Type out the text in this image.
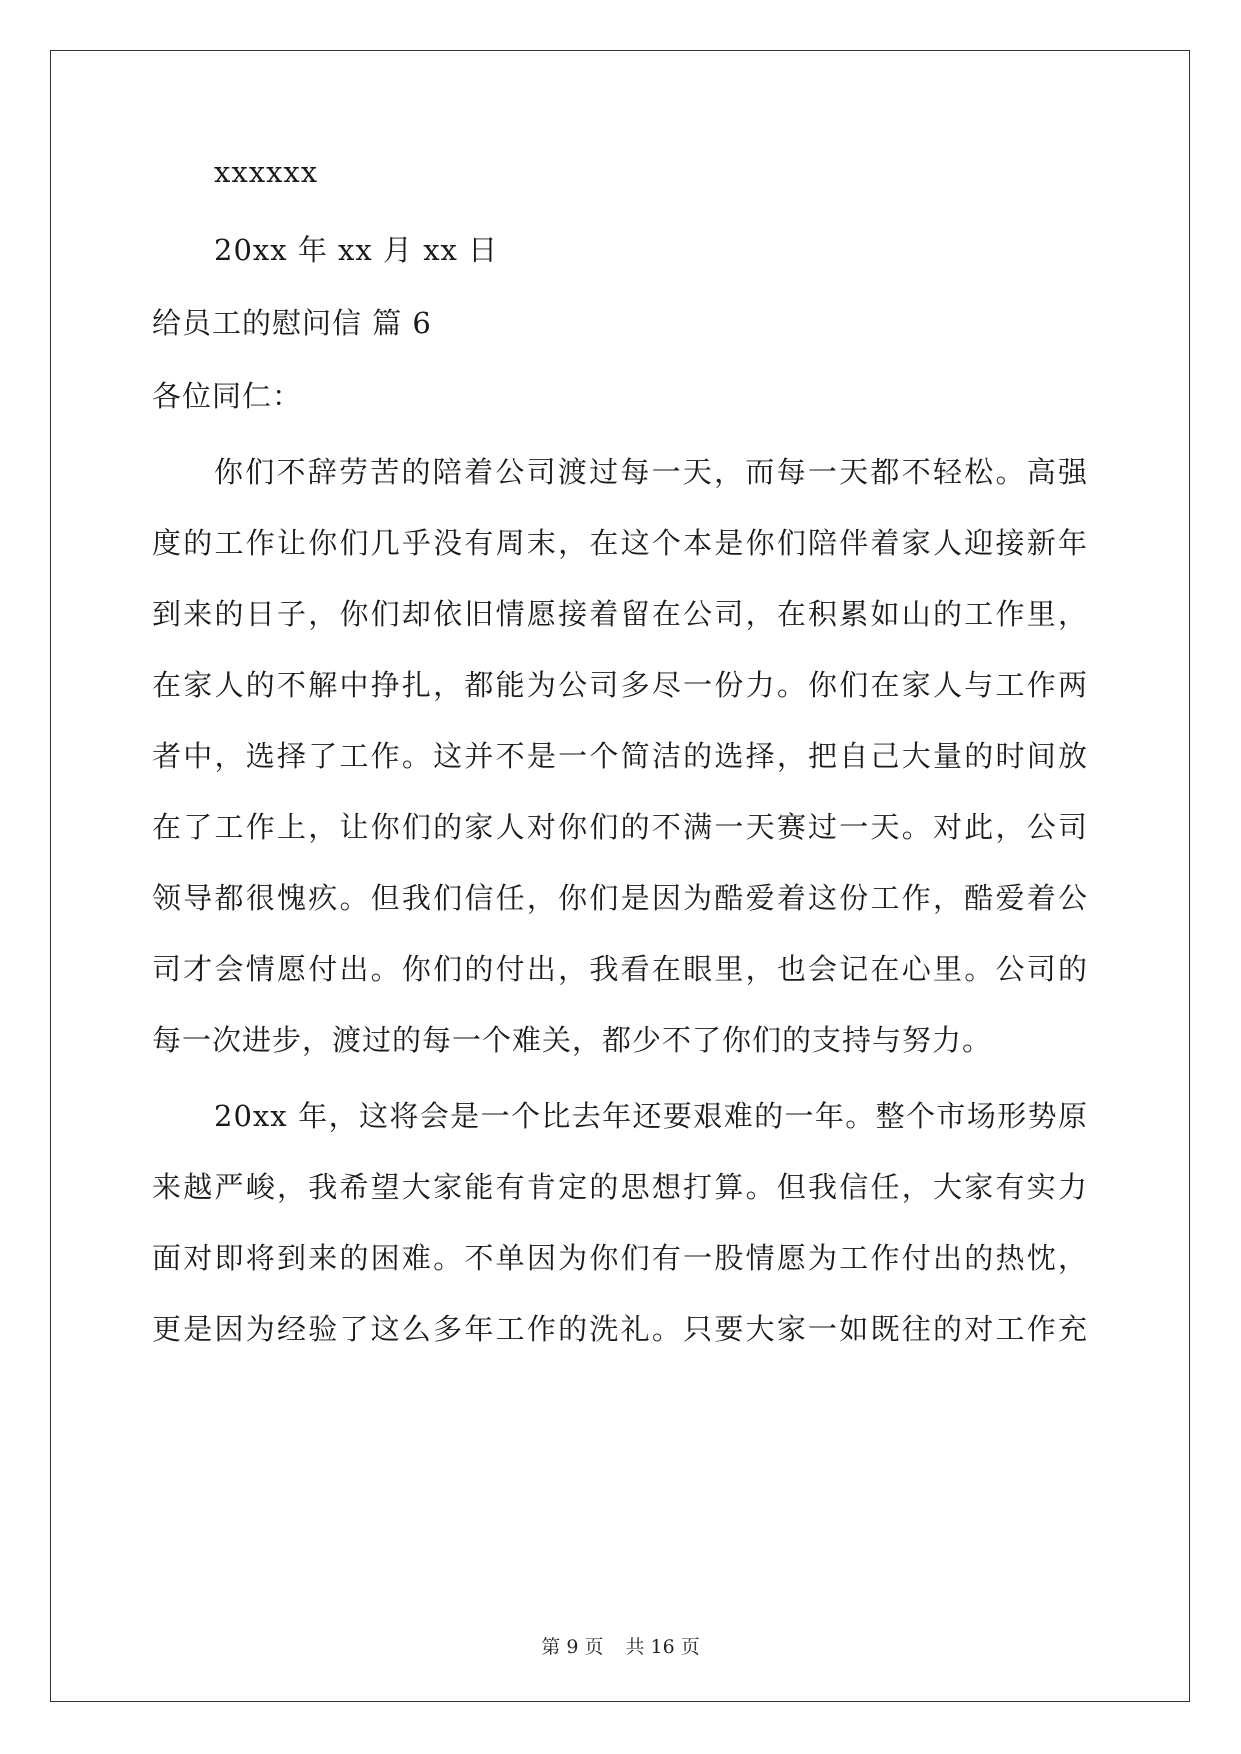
xxxxxx
20xx 年 xx 月 xx 日
给员工的慰问信 篇 6
各位同仁：
你们不辞劳苦的陪着公司渡过每一天，而每一天都不轻松。高强
度的工作让你们几乎没有周末，在这个本是你们陪伴着家人迎接新年
到来的日子，你们却依旧情愿接着留在公司，在积累如山的工作里，
在家人的不解中挣扎，都能为公司多尽一份力。你们在家人与工作两
者中，选择了工作。这并不是一个简洁的选择，把自己大量的时间放
在了工作上，让你们的家人对你们的不满一天赛过一天。对此，公司
领导都很愧疚。但我们信任，你们是因为酷爱着这份工作，酷爱着公
司才会情愿付出。你们的付出，我看在眼里，也会记在心里。公司的
每一次进步，渡过的每一个难关，都少不了你们的支持与努力。
20xx 年，这将会是一个比去年还要艰难的一年。整个市场形势原
来越严峻，我希望大家能有肯定的思想打算。但我信任，大家有实力
面对即将到来的困难。不单因为你们有一股情愿为工作付出的热忱，
更是因为经验了这么多年工作的洗礼。只要大家一如既往的对工作充
第 9 页 共 16 页
